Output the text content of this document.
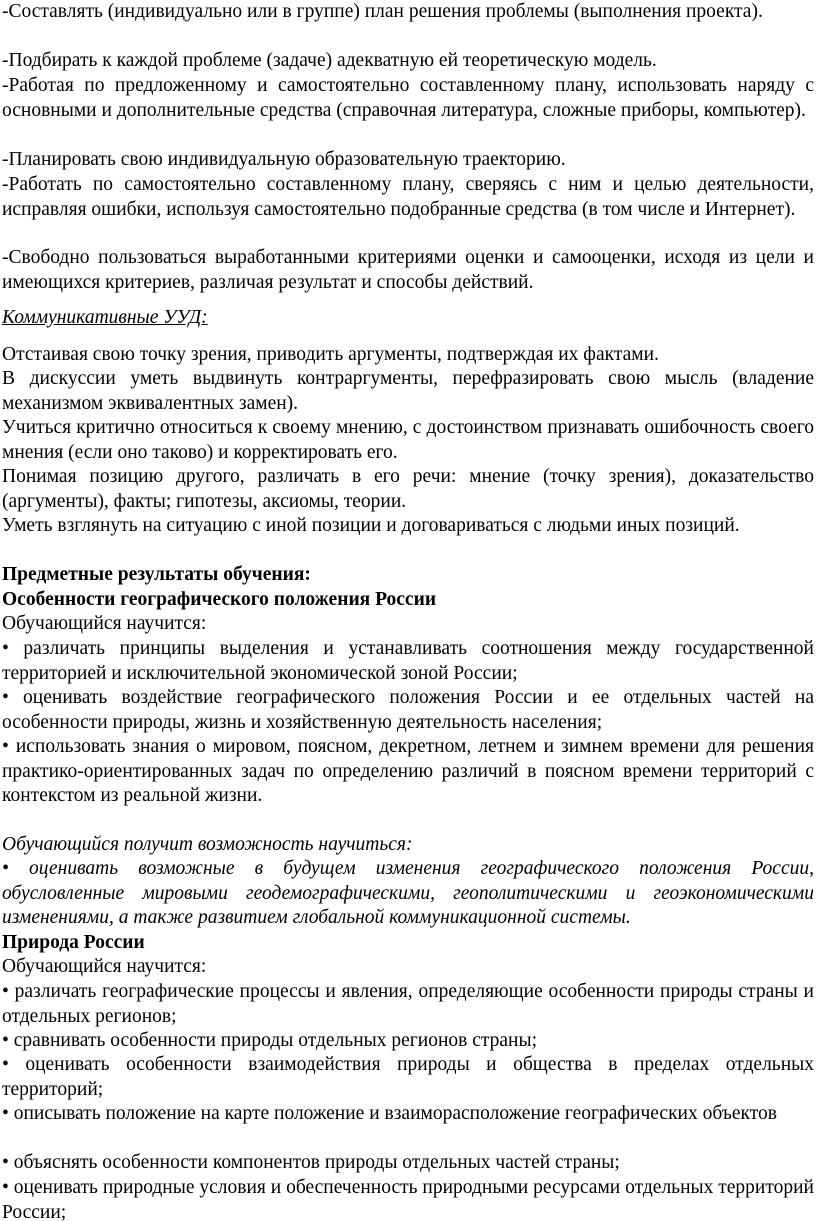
-Составлять (индивидуально или в группе) план решения проблемы (выполнения проекта).

-Подбирать к каждой проблеме (задаче) адекватную ей теоретическую модель.

-Работая по предложенному и самостоятельно составленному плану, использовать наряду с основными и дополнительные средства (справочная литература, сложные приборы, компьютер).

-Планировать свою индивидуальную образовательную траекторию.

-Работать по самостоятельно составленному плану, сверяясь с ним и целью деятельности, исправляя ошибки, используя самостоятельно подобранные средства (в том числе и Интернет).

-Свободно пользоваться выработанными критериями оценки и самооценки, исходя из цели и имеющихся критериев, различая результат и способы действий.

Коммуникативные УУД:

Отстаивая свою точку зрения, приводить аргументы, подтверждая их фактами.

В дискуссии уметь выдвинуть контраргументы, перефразировать свою мысль (владение механизмом эквивалентных замен).

Учиться критично относиться к своему мнению, с достоинством признавать ошибочность своего мнения (если оно таково) и корректировать его.

Понимая позицию другого, различать в его речи: мнение (точку зрения), доказательство (аргументы), факты; гипотезы, аксиомы, теории.

Уметь взглянуть на ситуацию с иной позиции и договариваться с людьми иных позиций.

Предметные результаты обучения:

Особенности географического положения России

Обучающийся научится:

• различать принципы выделения и устанавливать соотношения между государственной территорией и исключительной экономической зоной России;

• оценивать воздействие географического положения России и ее отдельных частей на особенности природы, жизнь и хозяйственную деятельность населения;

• использовать знания о мировом, поясном, декретном, летнем и зимнем времени для решения практико-ориентированных задач по определению различий в поясном времени территорий с контекстом из реальной жизни.

Обучающийся получит возможность научиться:

• оценивать возможные в будущем изменения географического положения России, обусловленные мировыми геодемографическими, геополитическими и геоэкономическими изменениями, а также развитием глобальной коммуникационной системы.

Природа России

Обучающийся научится:

• различать географические процессы и явления, определяющие особенности природы страны и отдельных регионов;

• сравнивать особенности природы отдельных регионов страны;

• оценивать особенности взаимодействия природы и общества в пределах отдельных территорий;

• описывать положение на карте положение и взаиморасположение географических объектов

• объяснять особенности компонентов природы отдельных частей страны;

• оценивать природные условия и обеспеченность природными ресурсами отдельных территорий России;
